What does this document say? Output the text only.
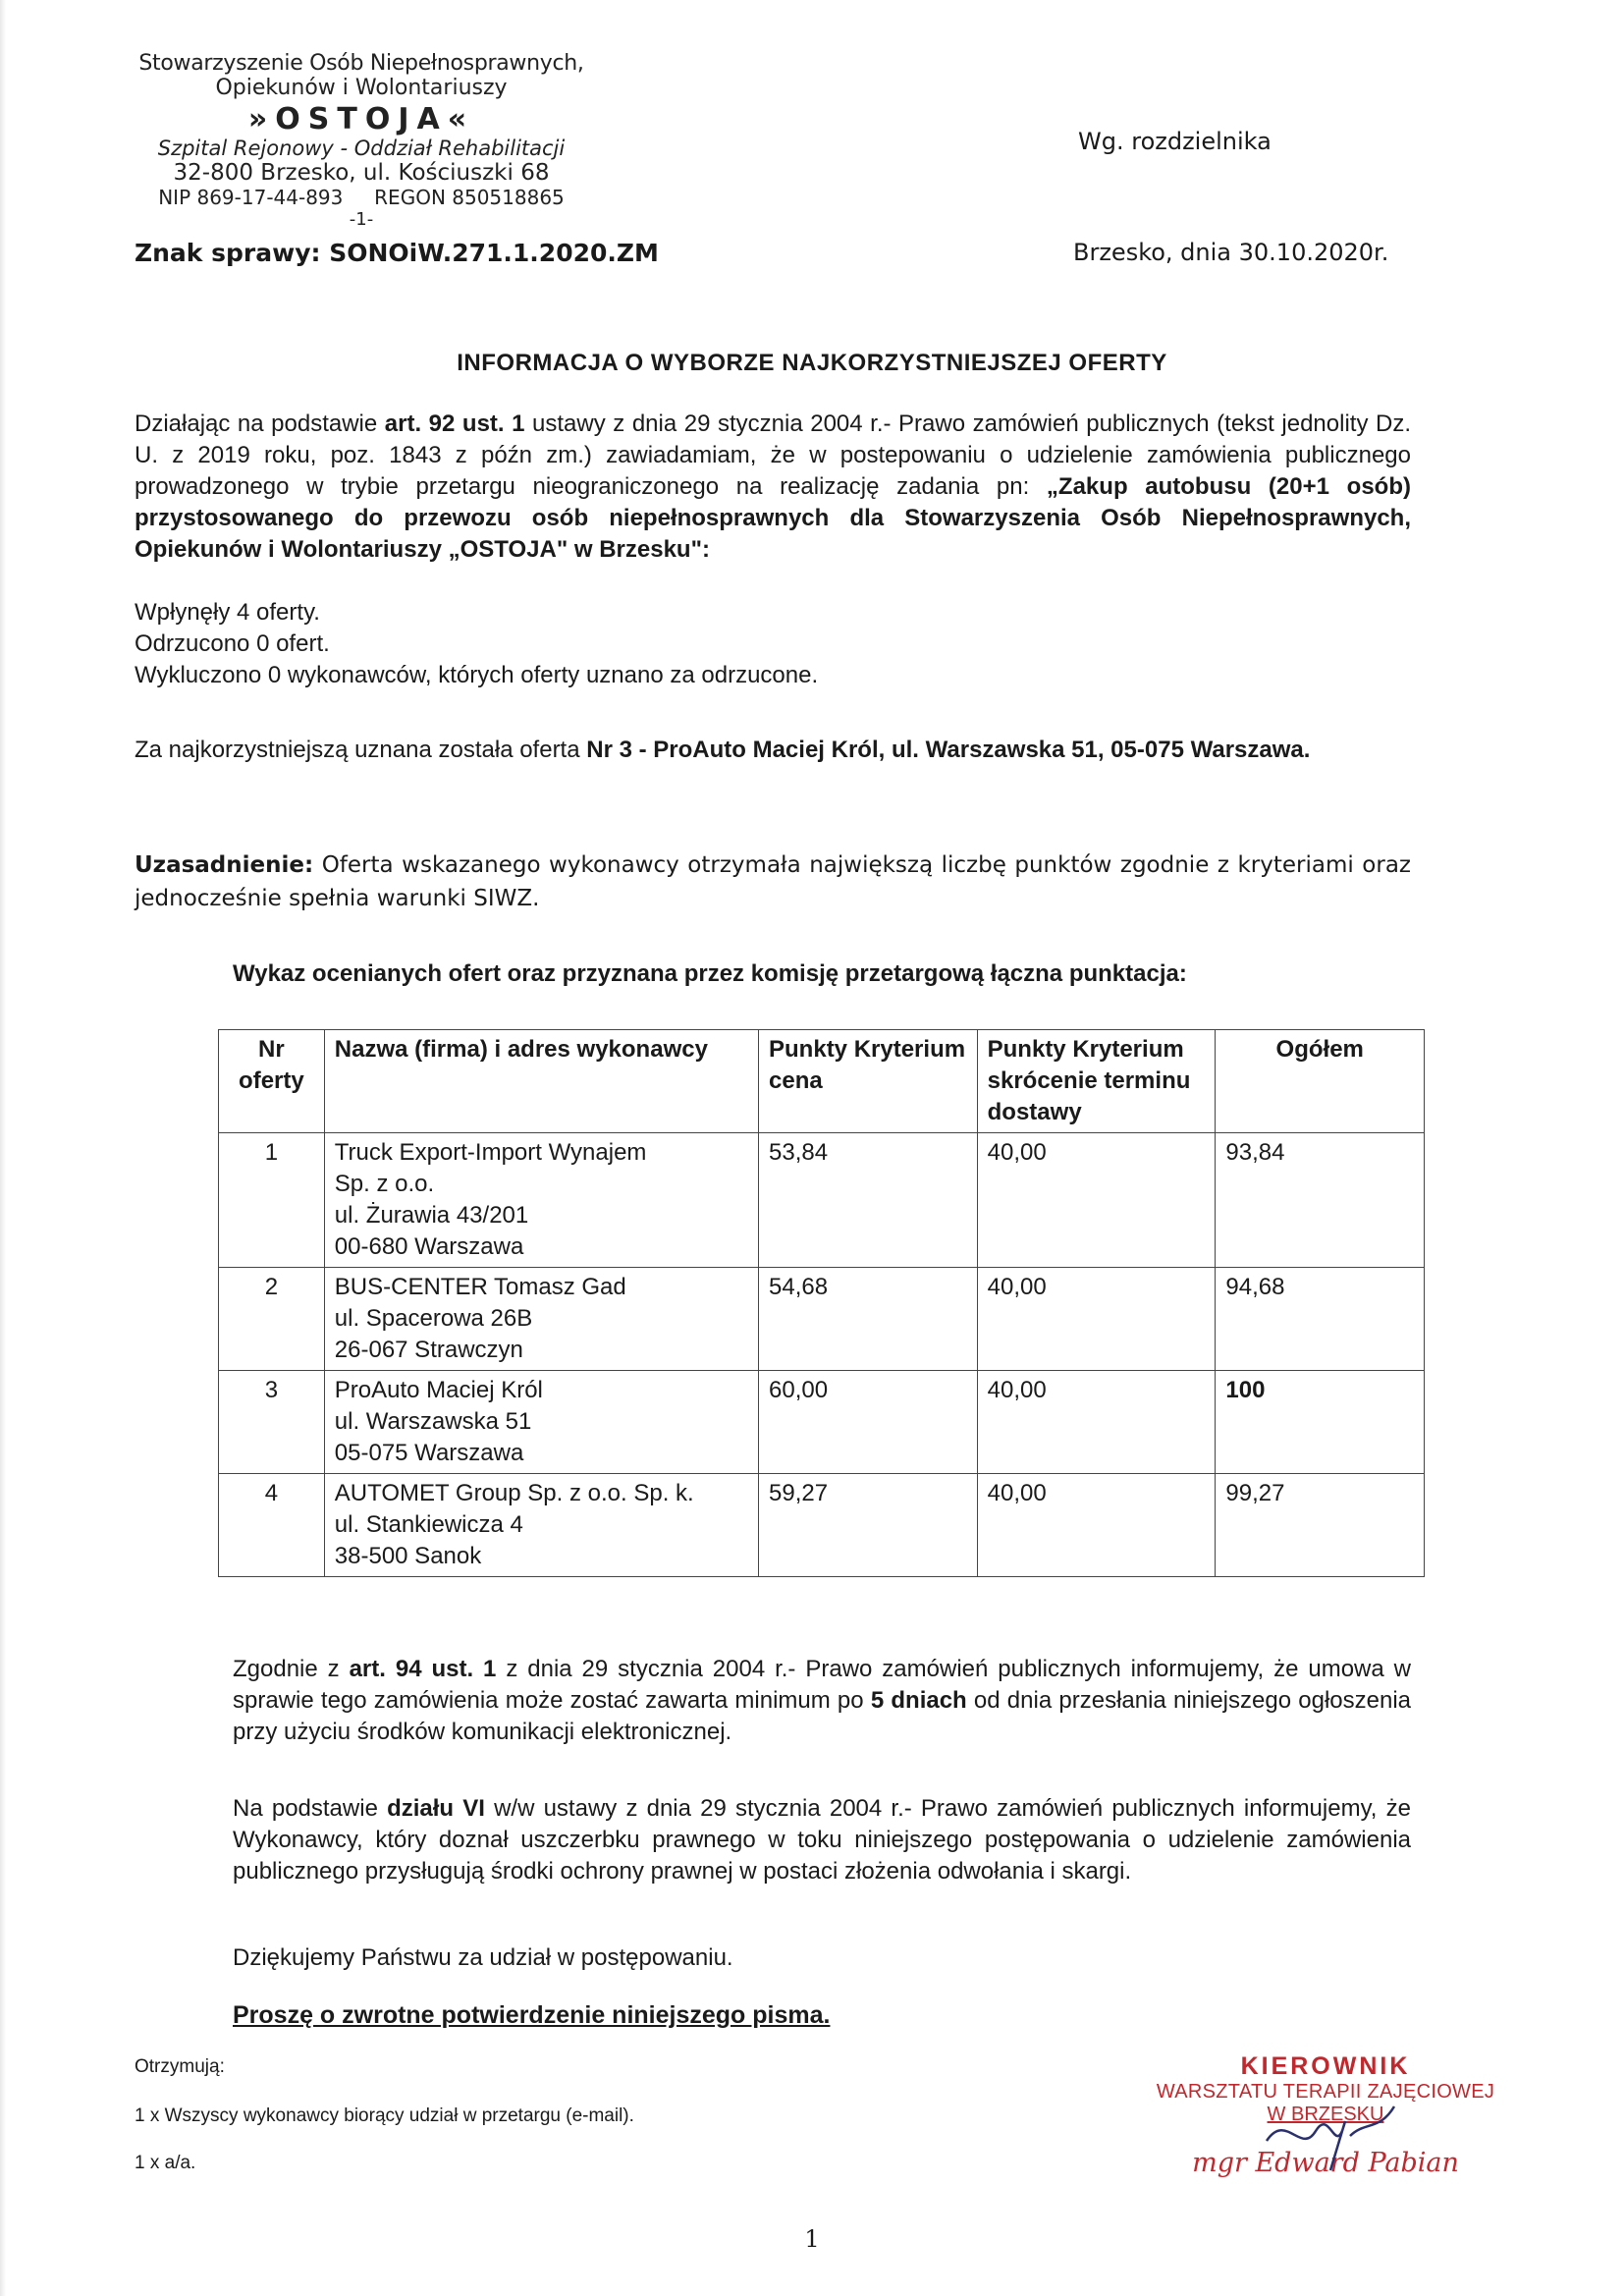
Stowarzyszenie Osób Niepełnosprawnych,
Opiekunów i Wolontariuszy
»OSTOJA«
Szpital Rejonowy - Oddział Rehabilitacji
32-800 Brzesko, ul. Kościuszki 68
NIP 869-17-44-893     REGON 850518865
-1-
Wg. rozdzielnika
Znak sprawy: SONOiW.271.1.2020.ZM	Brzesko, dnia 30.10.2020r.
INFORMACJA O WYBORZE NAJKORZYSTNIEJSZEJ OFERTY

Działając na podstawie art. 92 ust. 1 ustawy z dnia 29 stycznia 2004 r.- Prawo zamówień publicznych (tekst jednolity Dz. U. z 2019 roku, poz. 1843 z późn zm.) zawiadamiam, że w postepowaniu o udzielenie zamówienia publicznego prowadzonego w trybie przetargu nieograniczonego na realizację zadania pn: „Zakup autobusu (20+1 osób) przystosowanego do przewozu osób niepełnosprawnych dla Stowarzyszenia Osób Niepełnosprawnych, Opiekunów i Wolontariuszy „OSTOJA" w Brzesku":

Wpłynęły 4 oferty.
Odrzucono 0 ofert.
Wykluczono 0 wykonawców, których oferty uznano za odrzucone.

Za najkorzystniejszą uznana została oferta Nr 3 - ProAuto Maciej Król, ul. Warszawska 51, 05-075 Warszawa.

Uzasadnienie: Oferta wskazanego wykonawcy otrzymała największą liczbę punktów zgodnie z kryteriami oraz jednocześnie spełnia warunki SIWZ.

Wykaz ocenianych ofert oraz przyznana przez komisję przetargową łączna punktacja:
Nr oferty	Nazwa (firma) i adres wykonawcy	Punkty Kryterium cena	Punkty Kryterium skrócenie terminu dostawy	Ogółem
1	Truck Export-Import Wynajem
Sp. z o.o.
ul. Żurawia 43/201
00-680 Warszawa	53,84	40,00	93,84
2	BUS-CENTER Tomasz Gad
ul. Spacerowa 26B
26-067 Strawczyn	54,68	40,00	94,68
3	ProAuto Maciej Król
ul. Warszawska 51
05-075 Warszawa	60,00	40,00	100
4	AUTOMET Group Sp. z o.o. Sp. k.
ul. Stankiewicza 4
38-500 Sanok	59,27	40,00	99,27

Zgodnie z art. 94 ust. 1 z dnia 29 stycznia 2004 r.- Prawo zamówień publicznych informujemy, że umowa w sprawie tego zamówienia może zostać zawarta minimum po 5 dniach od dnia przesłania niniejszego ogłoszenia przy użyciu środków komunikacji elektronicznej.

Na podstawie działu VI w/w ustawy z dnia 29 stycznia 2004 r.- Prawo zamówień publicznych informujemy, że Wykonawcy, który doznał uszczerbku prawnego w toku niniejszego postępowania o udzielenie zamówienia publicznego przysługują środki ochrony prawnej w postaci złożenia odwołania i skargi.

Dziękujemy Państwu za udział w postępowaniu.
Proszę o zwrotne potwierdzenie niniejszego pisma.
Otrzymują:
1 x Wszyscy wykonawcy biorący udział w przetargu (e-mail).
1 x a/a.
KIEROWNIK
WARSZTATU TERAPII ZAJĘCIOWEJ
W BRZESKU
mgr Edward Pabian
1
